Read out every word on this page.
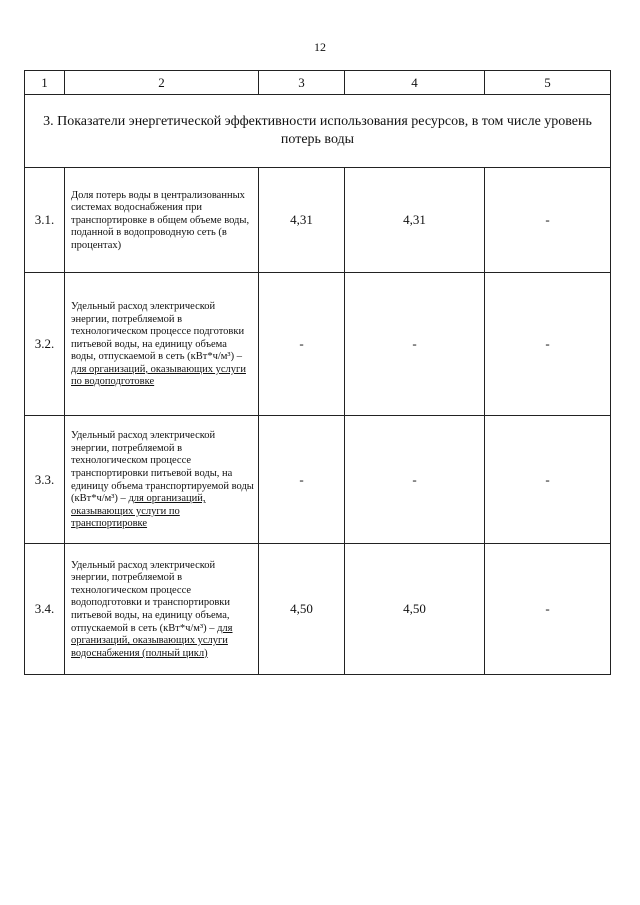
12
1	2	3	4	5
3. Показатели энергетической эффективности использования ресурсов, в том числе уровень потерь воды				
3.1.	Доля потерь воды в централизованных системах водоснабжения при транспортировке в общем объеме воды, поданной в водопроводную сеть (в процентах)	4,31	4,31	-
3.2.	Удельный расход электрической энергии, потребляемой в технологическом процессе подготовки питьевой воды, на единицу объема воды, отпускаемой в сеть (кВт*ч/м³) – для организаций, оказывающих услуги по водоподготовке	-	-	-
3.3.	Удельный расход электрической энергии, потребляемой в технологическом процессе транспортировки питьевой воды, на единицу объема транспортируемой воды (кВт*ч/м³) – для организаций, оказывающих услуги по транспортировке	-	-	-
3.4.	Удельный расход электрической энергии, потребляемой в технологическом процессе водоподготовки и транспортировки питьевой воды, на единицу объема, отпускаемой в сеть (кВт*ч/м³) – для организаций, оказывающих услуги водоснабжения (полный цикл)	4,50	4,50	-
